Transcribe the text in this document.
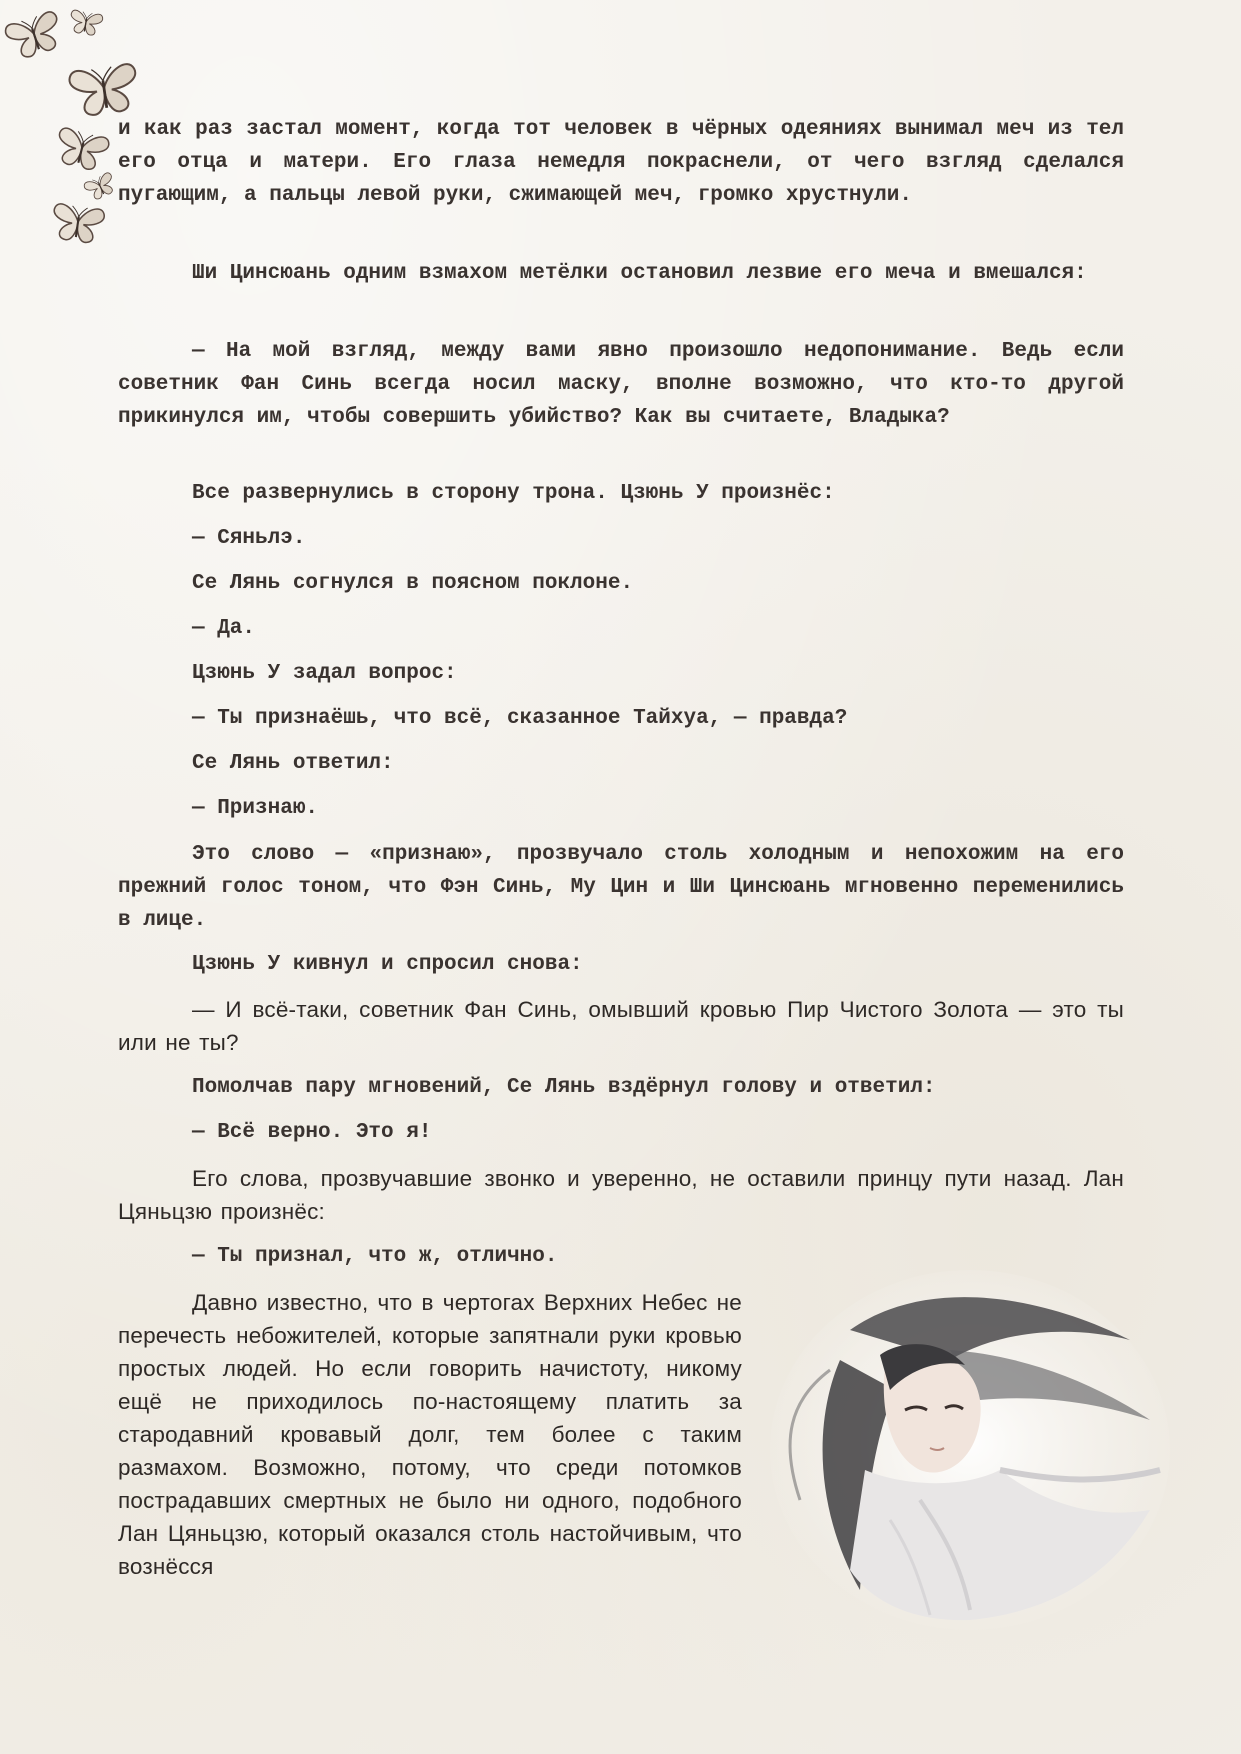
и как раз застал момент, когда тот человек в чёрных одеяниях вынимал меч из тел его отца и матери. Его глаза немедля покраснели, от чего взгляд сделался пугающим, а пальцы левой руки, сжимающей меч, громко хрустнули.

Ши Цинсюань одним взмахом метёлки остановил лезвие его меча и вмешался:

— На мой взгляд, между вами явно произошло недопонимание. Ведь если советник Фан Синь всегда носил маску, вполне возможно, что кто-то другой прикинулся им, чтобы совершить убийство? Как вы считаете, Владыка?

Все развернулись в сторону трона. Цзюнь У произнёс:

— Сяньлэ.

Се Лянь согнулся в поясном поклоне.

— Да.

Цзюнь У задал вопрос:

— Ты признаёшь, что всё, сказанное Тайхуа, — правда?

Се Лянь ответил:

— Признаю.

Это слово — «признаю», прозвучало столь холодным и непохожим на его прежний голос тоном, что Фэн Синь, Му Цин и Ши Цинсюань мгновенно переменились в лице.

Цзюнь У кивнул и спросил снова:

— И всё-таки, советник Фан Синь, омывший кровью Пир Чистого Золота — это ты или не ты?

Помолчав пару мгновений, Се Лянь вздёрнул голову и ответил:

— Всё верно. Это я!

Его слова, прозвучавшие звонко и уверенно, не оставили принцу пути назад. Лан Цяньцзю произнёс:

— Ты признал, что ж, отлично.

Давно известно, что в чертогах Верхних Небес не перечесть небожителей, которые запятнали руки кровью простых людей. Но если говорить начистоту, никому ещё не приходилось по-настоящему платить за стародавний кровавый долг, тем более с таким размахом. Возможно, потому, что среди потомков пострадавших смертных не было ни одного, подобного Лан Цяньцзю, который оказался столь настойчивым, что вознёсся
